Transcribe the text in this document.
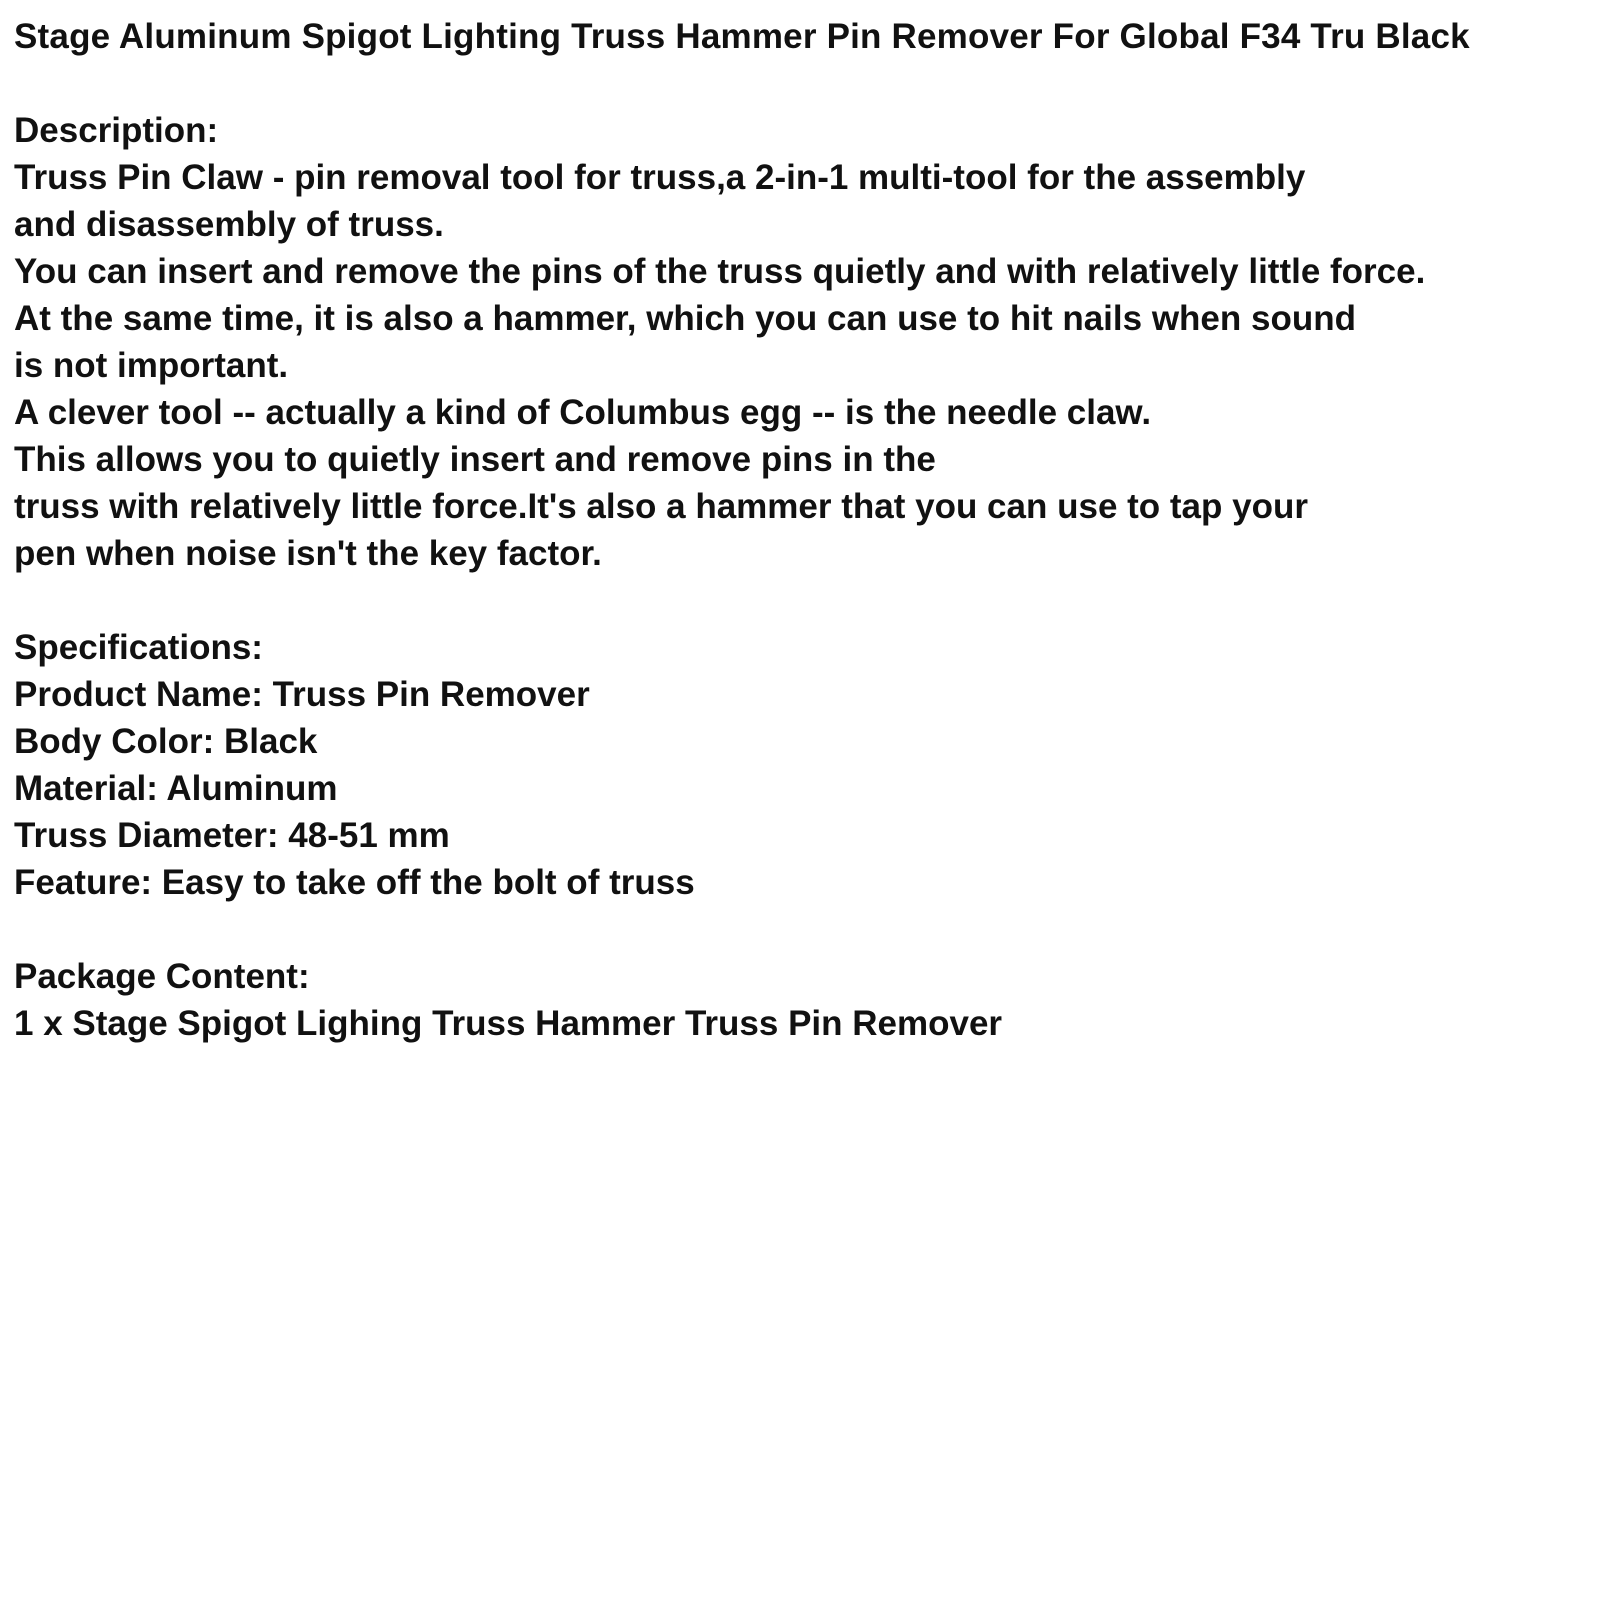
Stage Aluminum Spigot Lighting Truss Hammer Pin Remover For Global F34 Tru Black
Description:
Truss Pin Claw - pin removal tool for truss,a 2-in-1 multi-tool for the assembly
and disassembly of truss.
You can insert and remove the pins of the truss quietly and with relatively little force.
At the same time, it is also a hammer, which you can use to hit nails when sound
is not important.
A clever tool -- actually a kind of Columbus egg -- is the needle claw.
This allows you to quietly insert and remove pins in the
truss with relatively little force.It's also a hammer that you can use to tap your
pen when noise isn't the key factor.
Specifications:
Product Name: Truss Pin Remover
Body Color: Black
Material: Aluminum
Truss Diameter: 48-51 mm
Feature: Easy to take off the bolt of truss
Package Content:
1 x Stage Spigot Lighing Truss Hammer Truss Pin Remover
